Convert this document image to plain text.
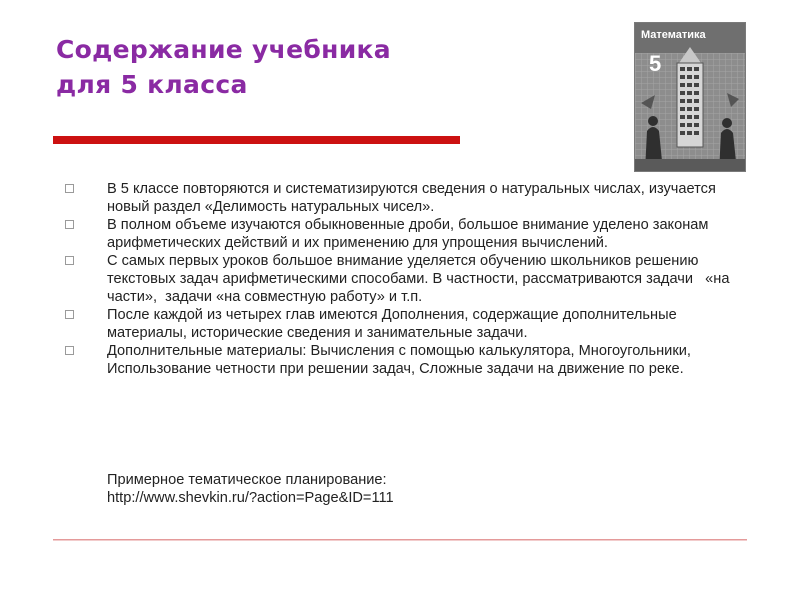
Содержание учебника
для 5 класса
Математика
5
В 5 классе повторяются и систематизируются сведения о натуральных числах, изучается новый раздел «Делимость натуральных чисел».
В полном объеме изучаются обыкновенные дроби, большое внимание уделено законам арифметических действий и их применению для упрощения вычислений.
С самых первых уроков большое внимание уделяется обучению школьников решению текстовых задач арифметическими способами. В частности, рассматриваются задачи   «на части»,  задачи «на совместную работу» и т.п.
После каждой из четырех глав имеются Дополнения, содержащие дополнительные материалы, исторические сведения и занимательные задачи.
Дополнительные материалы: Вычисления с помощью калькулятора, Многоугольники, Использование четности при решении задач, Сложные задачи на движение по реке.
Примерное тематическое планирование:
http://www.shevkin.ru/?action=Page&ID=111
